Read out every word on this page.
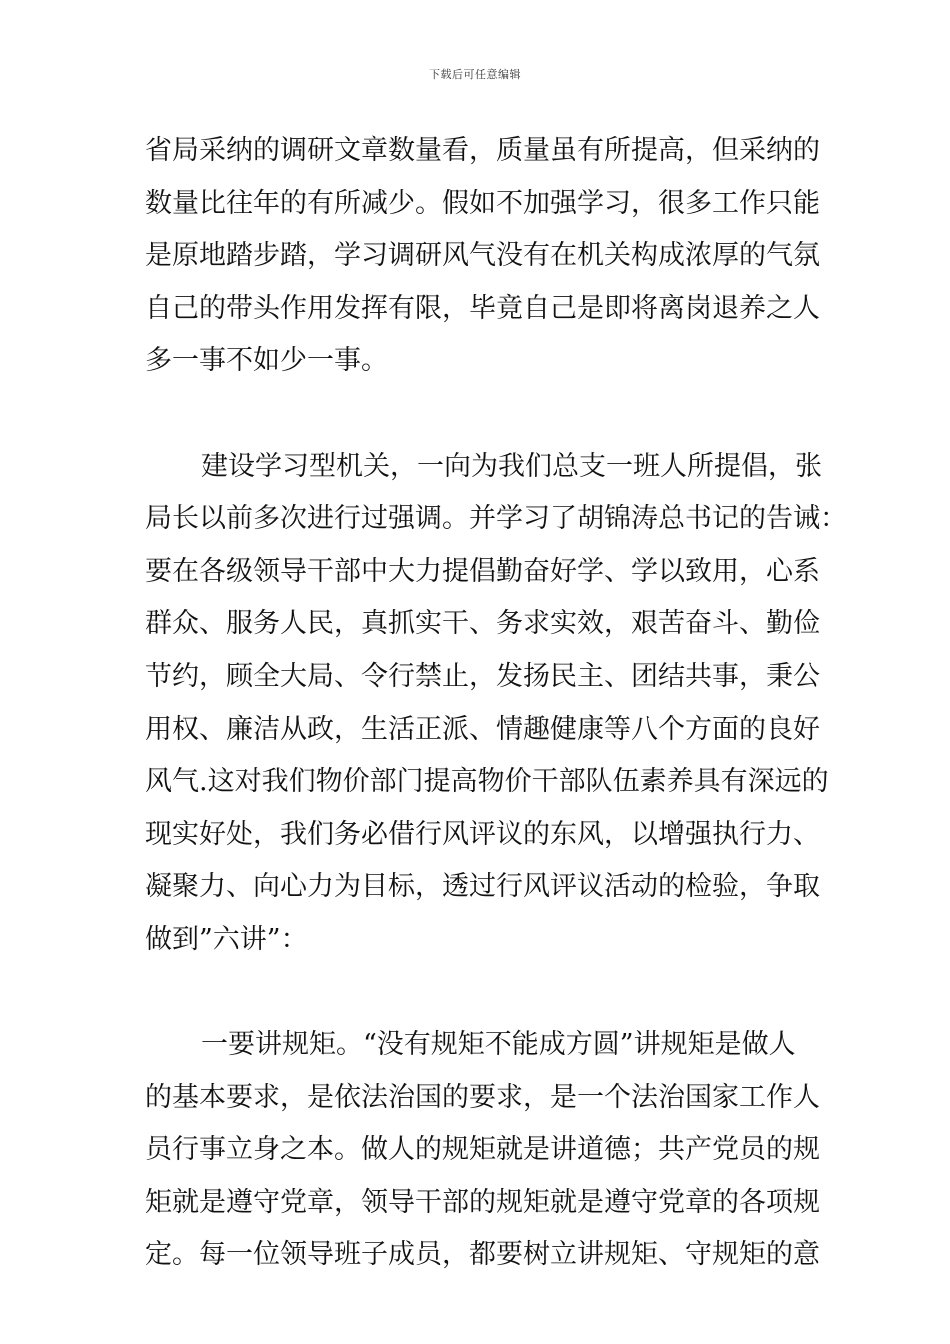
下载后可任意编辑
省局采纳的调研文章数量看，质量虽有所提高，但采纳的
数量比往年的有所减少。假如不加强学习，很多工作只能
是原地踏步踏，学习调研风气没有在机关构成浓厚的气氛
自己的带头作用发挥有限，毕竟自己是即将离岗退养之人
多一事不如少一事。
建设学习型机关，一向为我们总支一班人所提倡，张
局长以前多次进行过强调。并学习了胡锦涛总书记的告诫：
要在各级领导干部中大力提倡勤奋好学、学以致用，心系
群众、服务人民，真抓实干、务求实效，艰苦奋斗、勤俭
节约，顾全大局、令行禁止，发扬民主、团结共事，秉公
用权、廉洁从政，生活正派、情趣健康等八个方面的良好
风气.这对我们物价部门提高物价干部队伍素养具有深远的
现实好处，我们务必借行风评议的东风，以增强执行力、
凝聚力、向心力为目标，透过行风评议活动的检验，争取
做到”六讲”：
一要讲规矩。“没有规矩不能成方圆”讲规矩是做人
的基本要求，是依法治国的要求，是一个法治国家工作人
员行事立身之本。做人的规矩就是讲道德；共产党员的规
矩就是遵守党章，领导干部的规矩就是遵守党章的各项规
定。每一位领导班子成员，都要树立讲规矩、守规矩的意
